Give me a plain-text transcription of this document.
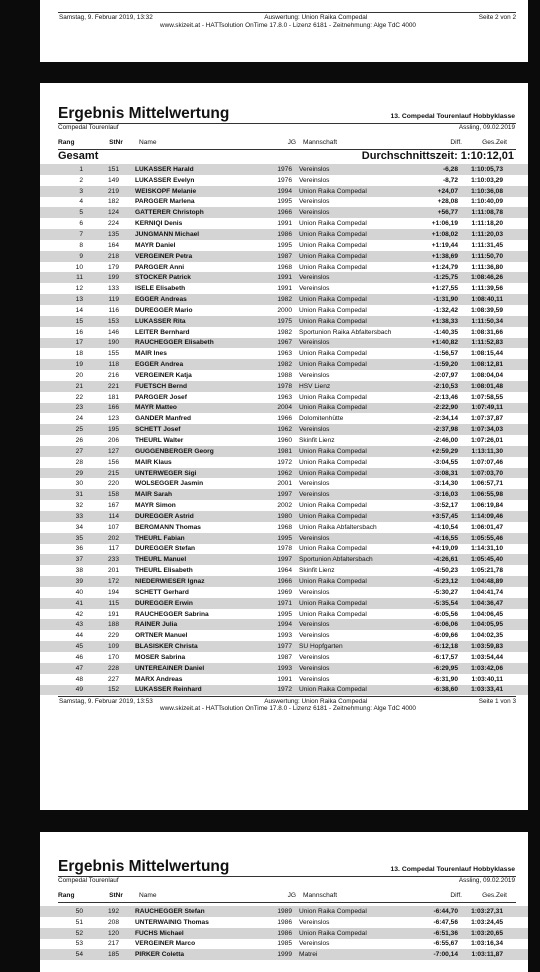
Samstag, 9. Februar 2019, 13:32	Auswertung: Union Raika Compedal	Seite 2 von 2
www.skizeit.at - HATTsolution OnTime 17.8.0 - Lizenz 6181 - Zeitnehmung: Alge TdC 4000
Ergebnis Mittelwertung	13. Compedal Tourenlauf Hobbyklasse
Compedal Tourenlauf	Assling, 09.02.2019
Rang	StNr	Name	JG	Mannschaft	Diff.	Ges.Zeit
Gesamt	Durchschnittszeit: 1:10:12,01
1	151	LUKASSER Harald	1976	Vereinslos	-6,28	1:10:05,73
2	149	LUKASSER Evelyn	1976	Vereinslos	-8,72	1:10:03,29
3	219	WEISKOPF Melanie	1994	Union Raika Compedal	+24,07	1:10:36,08
4	182	PARGGER Marlena	1995	Vereinslos	+28,08	1:10:40,09
5	124	GATTERER Christoph	1966	Vereinslos	+56,77	1:11:08,78
6	224	KERNIQI Denis	1991	Union Raika Compedal	+1:06,19	1:11:18,20
7	135	JUNGMANN Michael	1986	Union Raika Compedal	+1:08,02	1:11:20,03
8	164	MAYR Daniel	1995	Union Raika Compedal	+1:19,44	1:11:31,45
9	218	VERGEINER Petra	1987	Union Raika Compedal	+1:38,69	1:11:50,70
10	179	PARGGER Anni	1968	Union Raika Compedal	+1:24,79	1:11:36,80
11	199	STOCKER Patrick	1991	Vereinslos	-1:25,75	1:08:46,26
12	133	ISELE Elisabeth	1991	Vereinslos	+1:27,55	1:11:39,56
13	119	EGGER Andreas	1982	Union Raika Compedal	-1:31,90	1:08:40,11
14	116	DUREGGER Mario	2000	Union Raika Compedal	-1:32,42	1:08:39,59
15	153	LUKASSER Rita	1975	Union Raika Compedal	+1:38,33	1:11:50,34
16	146	LEITER Bernhard	1982	Sportunion Raika Abfaltersbach	-1:40,35	1:08:31,66
17	190	RAUCHEGGER Elisabeth	1967	Vereinslos	+1:40,82	1:11:52,83
18	155	MAIR Ines	1963	Union Raika Compedal	-1:56,57	1:08:15,44
19	118	EGGER Andrea	1982	Union Raika Compedal	-1:59,20	1:08:12,81
20	216	VERGEINER Katja	1988	Vereinslos	-2:07,97	1:08:04,04
21	221	FUETSCH Bernd	1978	HSV Lienz	-2:10,53	1:08:01,48
22	181	PARGGER Josef	1963	Union Raika Compedal	-2:13,46	1:07:58,55
23	166	MAYR Matteo	2004	Union Raika Compedal	-2:22,90	1:07:49,11
24	123	GANDER Manfred	1966	Dolomitenhütte	-2:34,14	1:07:37,87
25	195	SCHETT Josef	1962	Vereinslos	-2:37,98	1:07:34,03
26	206	THEURL Walter	1960	Skinfit Lienz	-2:46,00	1:07:26,01
27	127	GUGGENBERGER Georg	1981	Union Raika Compedal	+2:59,29	1:13:11,30
28	156	MAIR Klaus	1972	Union Raika Compedal	-3:04,55	1:07:07,46
29	215	UNTERWEGER Sigi	1962	Union Raika Compedal	-3:08,31	1:07:03,70
30	220	WOLSEGGER Jasmin	2001	Vereinslos	-3:14,30	1:06:57,71
31	158	MAIR Sarah	1997	Vereinslos	-3:16,03	1:06:55,98
32	167	MAYR Simon	2002	Union Raika Compedal	-3:52,17	1:06:19,84
33	114	DUREGGER Astrid	1980	Union Raika Compedal	+3:57,45	1:14:09,46
34	107	BERGMANN Thomas	1968	Union Raika Abfaltersbach	-4:10,54	1:06:01,47
35	202	THEURL Fabian	1995	Vereinslos	-4:16,55	1:05:55,46
36	117	DUREGGER Stefan	1978	Union Raika Compedal	+4:19,09	1:14:31,10
37	233	THEURL Manuel	1997	Sportunion Abfaltersbach	-4:26,61	1:05:45,40
38	201	THEURL Elisabeth	1964	Skinfit Lienz	-4:50,23	1:05:21,78
39	172	NIEDERWIESER Ignaz	1966	Union Raika Compedal	-5:23,12	1:04:48,89
40	194	SCHETT Gerhard	1969	Vereinslos	-5:30,27	1:04:41,74
41	115	DUREGGER Erwin	1971	Union Raika Compedal	-5:35,54	1:04:36,47
42	191	RAUCHEGGER Sabrina	1995	Union Raika Compedal	-6:05,56	1:04:06,45
43	188	RAINER Julia	1994	Vereinslos	-6:06,06	1:04:05,95
44	229	ORTNER Manuel	1993	Vereinslos	-6:09,66	1:04:02,35
45	109	BLASISKER Christa	1977	SU Hopfgarten	-6:12,18	1:03:59,83
46	170	MOSER Sabrina	1987	Vereinslos	-6:17,57	1:03:54,44
47	228	UNTEREAINER Daniel	1993	Vereinslos	-6:29,95	1:03:42,06
48	227	MARX Andreas	1991	Vereinslos	-6:31,90	1:03:40,11
49	152	LUKASSER Reinhard	1972	Union Raika Compedal	-6:38,60	1:03:33,41
Samstag, 9. Februar 2019, 13:53	Auswertung: Union Raika Compedal	Seite 1 von 3
www.skizeit.at - HATTsolution OnTime 17.8.0 - Lizenz 6181 - Zeitnehmung: Alge TdC 4000
Ergebnis Mittelwertung	13. Compedal Tourenlauf Hobbyklasse
Compedal Tourenlauf	Assling, 09.02.2019
Rang	StNr	Name	JG	Mannschaft	Diff.	Ges.Zeit
50	192	RAUCHEGGER Stefan	1989	Union Raika Compedal	-6:44,70	1:03:27,31
51	208	UNTERWAINIG Thomas	1986	Vereinslos	-6:47,56	1:03:24,45
52	120	FUCHS Michael	1986	Union Raika Compedal	-6:51,36	1:03:20,65
53	217	VERGEINER Marco	1985	Vereinslos	-6:55,67	1:03:16,34
54	185	PIRKER Coletta	1999	Matrei	-7:00,14	1:03:11,87
